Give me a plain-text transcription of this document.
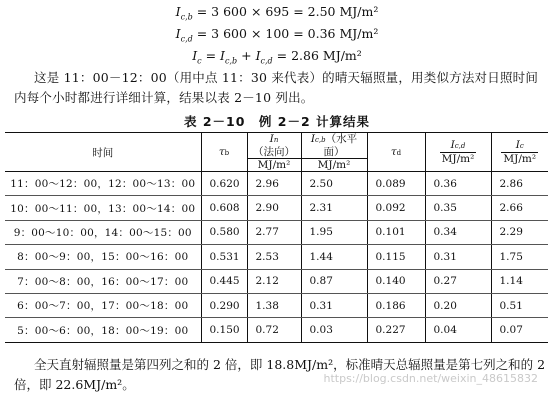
$I_{c,b} = 3$ 600 × 695 = 2.50 MJ/m²
$I_{c,d} = 3$ 600 × 100 = 0.36 MJ/m²
$I_c = I_{c,b} + I_{c,d} = 2.86$ MJ/m²
这是 11：00－12：00（用中点 11：30 来代表）的晴天辐照量，用类似方法对日照时间内每个小时都进行详细计算，结果以表 2－10 列出。
表 2－10　例 2－2 计算结果
时间	τb	$\frac{\text{In（法向）}}{\text{MJ/m²}}$	$\frac{\text{Ic,b（水平面）}}{\text{MJ/m²}}$	τd	$\frac{Ic,d}{\text{MJ/m²}}$	$\frac{Ic}{\text{MJ/m²}}$

11：00～12：00，12：00～13：00	0.620	2.96	2.50	0.089	0.36	2.86
10：00～11：00，13：00～14：00	0.608	2.90	2.31	0.092	0.35	2.66
9：00～10：00，14：00～15：00	0.580	2.77	1.95	0.101	0.34	2.29
8：00～9：00，15：00～16：00	0.531	2.53	1.44	0.115	0.31	1.75
7：00～8：00，16：00～17：00	0.445	2.12	0.87	0.140	0.27	1.14
6：00～7：00，17：00～18：00	0.290	1.38	0.31	0.186	0.20	0.51
5：00～6：00，18：00～19：00	0.150	0.72	0.03	0.227	0.04	0.07
全天直射辐照量是第四列之和的 2 倍，即 18.8MJ/m²，标准晴天总辐照量是第七列之和的 2 倍，即 22.6MJ/m²。	https://blog.csdn.net/weixin_48615832
